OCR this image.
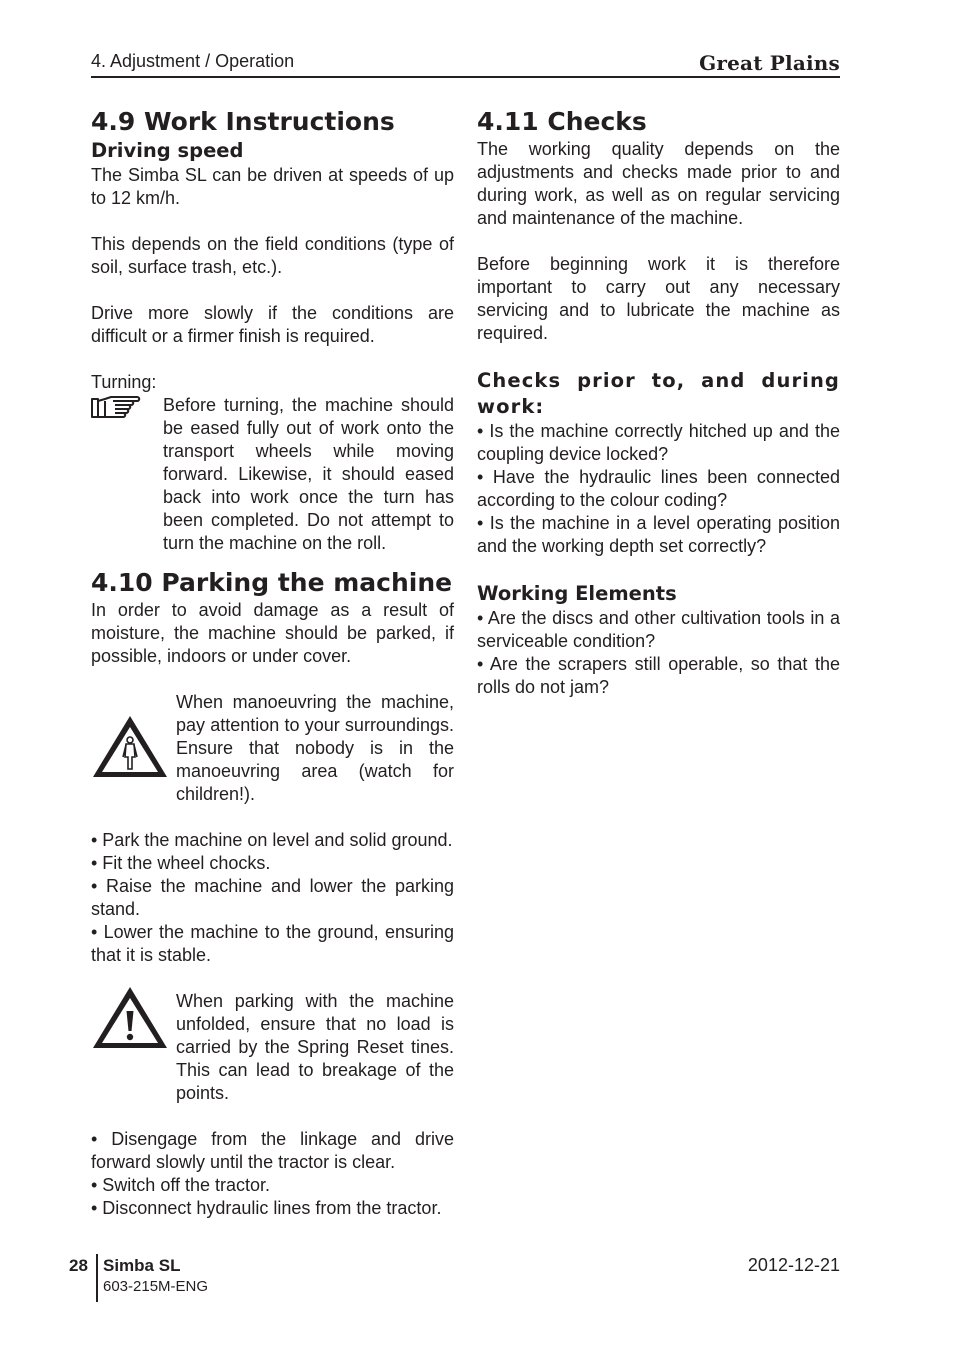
4. Adjustment / Operation	Great Plains
4.9 Work Instructions
Driving speed

The Simba SL can be driven at speeds of up to 12 km/h.

This depends on the field conditions (type of soil, surface trash, etc.).

Drive more slowly if the conditions are difficult or a firmer finish is required.

Turning:

Before turning, the machine should be eased fully out of work onto the transport wheels while moving forward. Likewise, it should eased back into work once the turn has been completed. Do not attempt to turn the machine on the roll.

4.10 Parking the machine

In order to avoid damage as a result of moisture, the machine should be parked, if possible, indoors or under cover.

When manoeuvring the machine, pay attention to your surroundings. Ensure that nobody is in the manoeuvring area (watch for children!).

• Park the machine on level and solid ground.
• Fit the wheel chocks.
• Raise the machine and lower the parking stand.
• Lower the machine to the ground, ensuring that it is stable.

When parking with the machine unfolded, ensure that no load is carried by the Spring Reset tines. This can lead to breakage of the points.

• Disengage from the linkage and drive forward slowly until the tractor is clear.
• Switch off the tractor.
• Disconnect hydraulic lines from the tractor.
4.11 Checks

The working quality depends on the adjustments and checks made prior to and during work, as well as on regular servicing and maintenance of the machine.

Before beginning work it is therefore important to carry out any necessary servicing and to lubricate the machine as required.

Checks prior to, and during work:
• Is the machine correctly hitched up and the coupling device locked?
• Have the hydraulic lines been connected according to the colour coding?
• Is the machine in a level operating position and the working depth set correctly?
Working Elements
• Are the discs and other cultivation tools in a serviceable condition?
• Are the scrapers still operable, so that the rolls do not jam?
28 Simba SL
603-215M-ENG
2012-12-21
